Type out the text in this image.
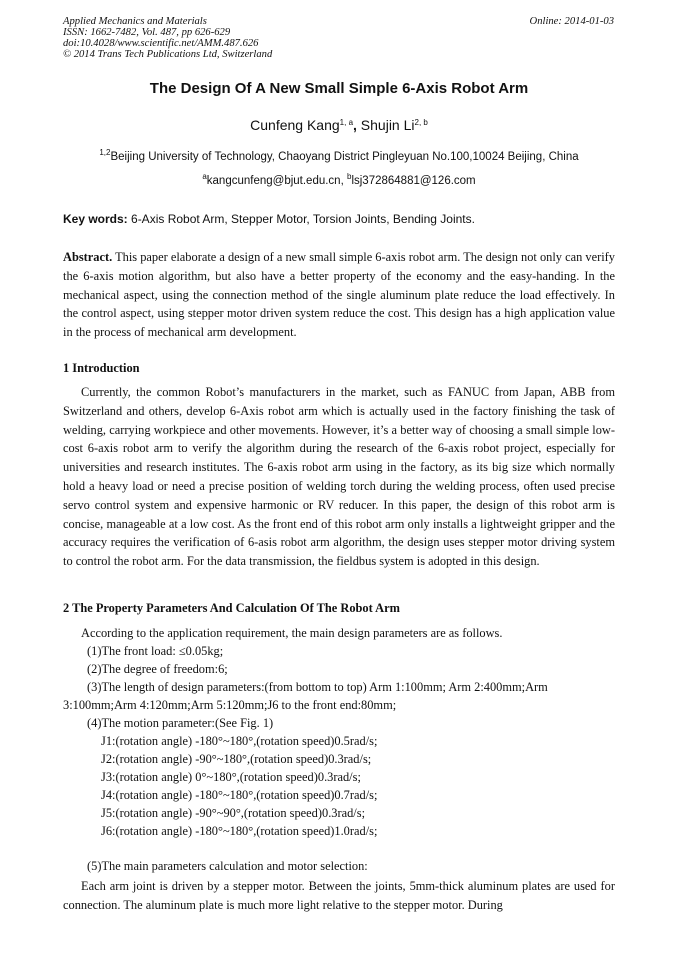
Applied Mechanics and Materials
ISSN: 1662-7482, Vol. 487, pp 626-629
doi:10.4028/www.scientific.net/AMM.487.626
© 2014 Trans Tech Publications Ltd, Switzerland
Online: 2014-01-03
The Design Of A New Small Simple 6-Axis Robot Arm
Cunfeng Kang$^{1, a}$, Shujin Li$^{2, b}$
$^{1,2}$Beijing University of Technology, Chaoyang District Pingleyuan No.100,10024 Beijing, China
$^a$kangcunfeng@bjut.edu.cn, $^b$lsj372864881@126.com
Key words: 6-Axis Robot Arm, Stepper Motor, Torsion Joints, Bending Joints.
Abstract. This paper elaborate a design of a new small simple 6-axis robot arm. The design not only can verify the 6-axis motion algorithm, but also have a better property of the economy and the easy-handing. In the mechanical aspect, using the connection method of the single aluminum plate reduce the load effectively. In the control aspect, using stepper motor driven system reduce the cost. This design has a high application value in the process of mechanical arm development.
1 Introduction
Currently, the common Robot’s manufacturers in the market, such as FANUC from Japan, ABB from Switzerland and others, develop 6-Axis robot arm which is actually used in the factory finishing the task of welding, carrying workpiece and other movements. However, it’s a better way of choosing a small simple low-cost 6-axis robot arm to verify the algorithm during the research of the 6-axis robot project, especially for universities and research institutes. The 6-axis robot arm using in the factory, as its big size which normally hold a heavy load or need a precise position of welding torch during the welding process, often used precise servo control system and expensive harmonic or RV reducer. In this paper, the design of this robot arm is concise, manageable at a low cost. As the front end of this robot arm only installs a lightweight gripper and the accuracy requires the verification of 6-asis robot arm algorithm, the design uses stepper motor driving system to control the robot arm. For the data transmission, the fieldbus system is adopted in this design.
2 The Property Parameters And Calculation Of The Robot Arm
According to the application requirement, the main design parameters are as follows.
(1)The front load: ≤0.05kg;
(2)The degree of freedom:6;
(3)The length of design parameters:(from bottom to top) Arm 1:100mm; Arm 2:400mm;Arm
3:100mm;Arm 4:120mm;Arm 5:120mm;J6 to the front end:80mm;
(4)The motion parameter:(See Fig. 1)
J1:(rotation angle) -180°~180°,(rotation speed)0.5rad/s;
J2:(rotation angle) -90°~180°,(rotation speed)0.3rad/s;
J3:(rotation angle) 0°~180°,(rotation speed)0.3rad/s;
J4:(rotation angle) -180°~180°,(rotation speed)0.7rad/s;
J5:(rotation angle) -90°~90°,(rotation speed)0.3rad/s;
J6:(rotation angle) -180°~180°,(rotation speed)1.0rad/s;
(5)The main parameters calculation and motor selection:
Each arm joint is driven by a stepper motor. Between the joints, 5mm-thick aluminum plates are used for connection. The aluminum plate is much more light relative to the stepper motor. During
